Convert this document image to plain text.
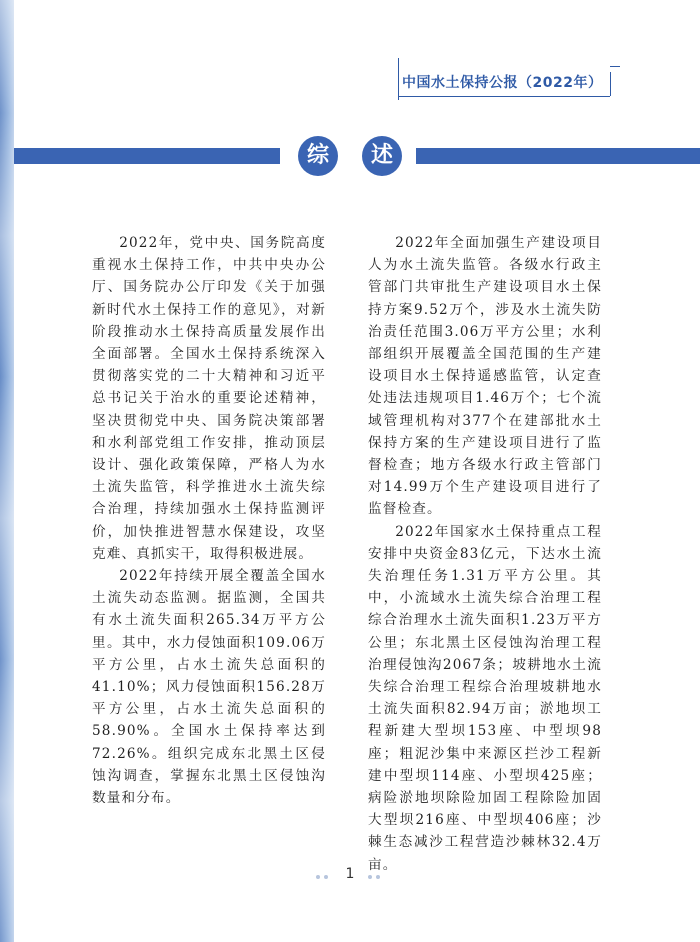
中国水土保持公报（2022年）
综	述

2022年，党中央、国务院高度重视水土保持工作，中共中央办公厅、国务院办公厅印发《关于加强新时代水土保持工作的意见》，对新阶段推动水土保持高质量发展作出全面部署。全国水土保持系统深入贯彻落实党的二十大精神和习近平总书记关于治水的重要论述精神，坚决贯彻党中央、国务院决策部署和水利部党组工作安排，推动顶层设计、强化政策保障，严格人为水土流失监管，科学推进水土流失综合治理，持续加强水土保持监测评价，加快推进智慧水保建设，攻坚克难、真抓实干，取得积极进展。

2022年持续开展全覆盖全国水土流失动态监测。据监测，全国共有水土流失面积265.34万平方公里。其中，水力侵蚀面积109.06万平方公里，占水土流失总面积的41.10%；风力侵蚀面积156.28万平方公里，占水土流失总面积的58.90%。全国水土保持率达到72.26%。组织完成东北黑土区侵蚀沟调查，掌握东北黑土区侵蚀沟数量和分布。

2022年全面加强生产建设项目人为水土流失监管。各级水行政主管部门共审批生产建设项目水土保持方案9.52万个，涉及水土流失防治责任范围3.06万平方公里；水利部组织开展覆盖全国范围的生产建设项目水土保持遥感监管，认定查处违法违规项目1.46万个；七个流域管理机构对377个在建部批水土保持方案的生产建设项目进行了监督检查；地方各级水行政主管部门对14.99万个生产建设项目进行了监督检查。

2022年国家水土保持重点工程安排中央资金83亿元，下达水土流失治理任务1.31万平方公里。其中，小流域水土流失综合治理工程综合治理水土流失面积1.23万平方公里；东北黑土区侵蚀沟治理工程治理侵蚀沟2067条；坡耕地水土流失综合治理工程综合治理坡耕地水土流失面积82.94万亩；淤地坝工程新建大型坝153座、中型坝98座；粗泥沙集中来源区拦沙工程新建中型坝114座、小型坝425座；病险淤地坝除险加固工程除险加固大型坝216座、中型坝406座；沙棘生态减沙工程营造沙棘林32.4万亩。

1
